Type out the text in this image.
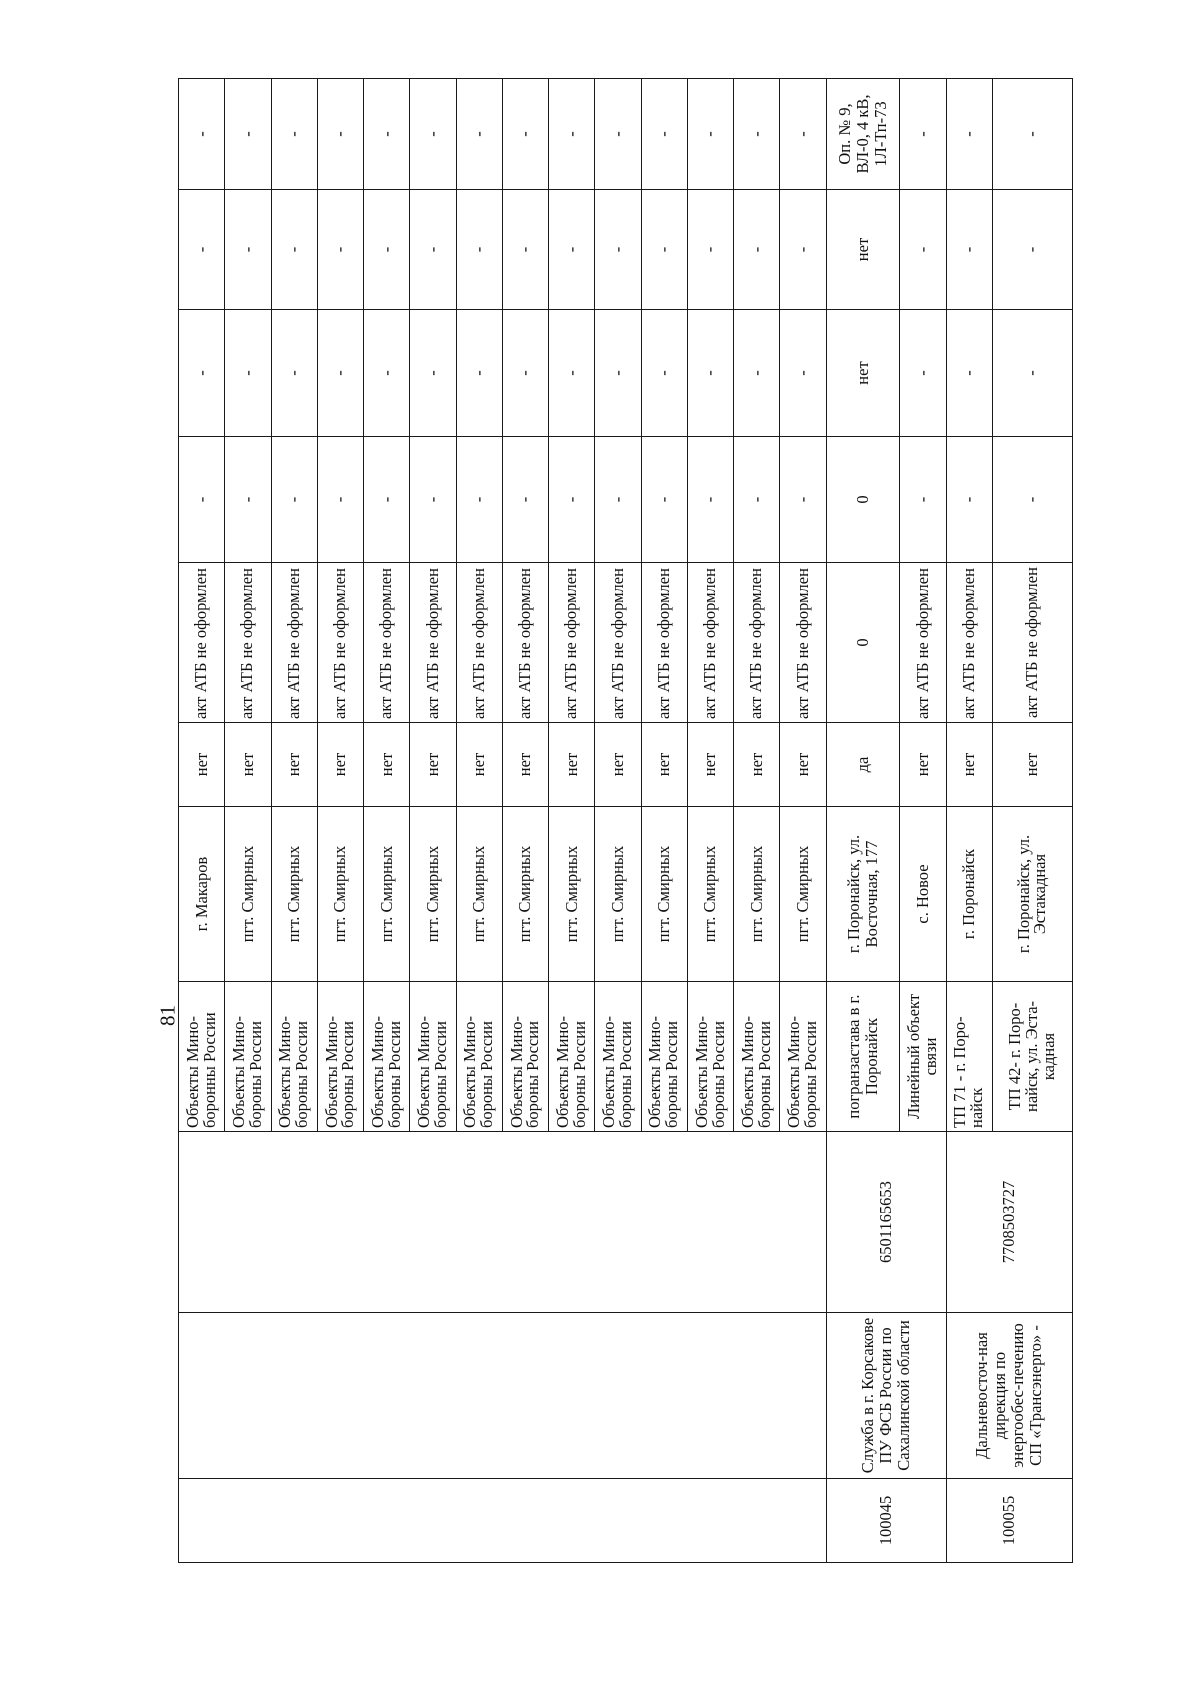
81
			Объекты Мино-боронны России	г. Макаров	нет	акт АТБ не оформлен	-	-	-	-
			Объекты Мино-бороны России	пгт. Смирных	нет	акт АТБ не оформлен	-	-	-	-
			Объекты Мино-бороны России	пгт. Смирных	нет	акт АТБ не оформлен	-	-	-	-
			Объекты Мино-бороны России	пгт. Смирных	нет	акт АТБ не оформлен	-	-	-	-
			Объекты Мино-бороны России	пгт. Смирных	нет	акт АТБ не оформлен	-	-	-	-
			Объекты Мино-бороны России	пгт. Смирных	нет	акт АТБ не оформлен	-	-	-	-
			Объекты Мино-бороны России	пгт. Смирных	нет	акт АТБ не оформлен	-	-	-	-
			Объекты Мино-бороны России	пгт. Смирных	нет	акт АТБ не оформлен	-	-	-	-
			Объекты Мино-бороны России	пгт. Смирных	нет	акт АТБ не оформлен	-	-	-	-
			Объекты Мино-бороны России	пгт. Смирных	нет	акт АТБ не оформлен	-	-	-	-
			Объекты Мино-бороны России	пгт. Смирных	нет	акт АТБ не оформлен	-	-	-	-
			Объекты Мино-бороны России	пгт. Смирных	нет	акт АТБ не оформлен	-	-	-	-
			Объекты Мино-бороны России	пгт. Смирных	нет	акт АТБ не оформлен	-	-	-	-
			Объекты Мино-бороны России	пгт. Смирных	нет	акт АТБ не оформлен	-	-	-	-
100045	Служба в г. Корсакове ПУ ФСБ России по Сахалинской области	6501165653	погранзастава в г. Поронайск	г. Поронайск, ул. Восточная, 177	да	0	0	нет	нет	Оп. № 9, ВЛ-0, 4 кВ, 1Л-Тп-73
			Линейный объект связи	с. Новое	нет	акт АТБ не оформлен	-	-	-	-
100055	Дальневосточ-ная дирекция по энергообес-печению СП «Трансэнерго» -	7708503727	ТП 71 - г. Поро-найск	г. Поронайск	нет	акт АТБ не оформлен	-	-	-	-
			ТП 42- г. Поро-найск, ул. Эста-кадная	г. Поронайск, ул. Эстакадная	нет	акт АТБ не оформлен	-	-	-	-
